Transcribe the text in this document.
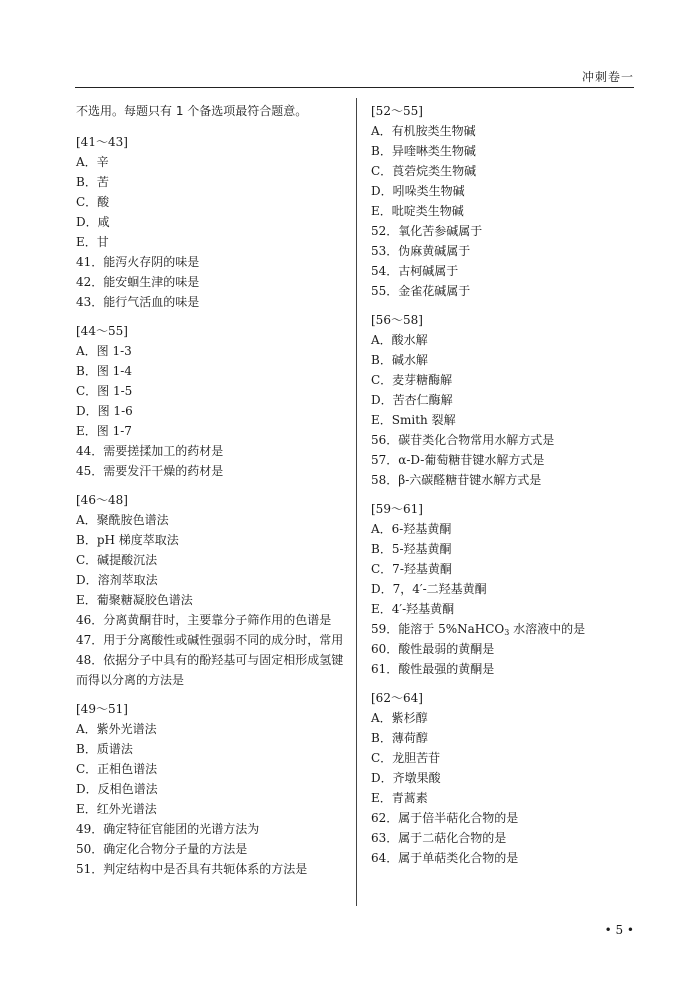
冲刺卷一
不选用。每题只有 1 个备选项最符合题意。
[41～43]
A．辛
B．苦
C．酸
D．咸
E．甘
41．能泻火存阴的味是
42．能安蛔生津的味是
43．能行气活血的味是
[44～55]
A．图 1-3
B．图 1-4
C．图 1-5
D．图 1-6
E．图 1-7
44．需要搓揉加工的药材是
45．需要发汗干燥的药材是
[46～48]
A．聚酰胺色谱法
B．pH 梯度萃取法
C．碱提酸沉法
D．溶剂萃取法
E．葡聚糖凝胶色谱法
46．分离黄酮苷时，主要靠分子筛作用的色谱是
47．用于分离酸性或碱性强弱不同的成分时，常用
48．依据分子中具有的酚羟基可与固定相形成氢键而得以分离的方法是
[49～51]
A．紫外光谱法
B．质谱法
C．正相色谱法
D．反相色谱法
E．红外光谱法
49．确定特征官能团的光谱方法为
50．确定化合物分子量的方法是
51．判定结构中是否具有共轭体系的方法是
[52～55]
A．有机胺类生物碱
B．异喹啉类生物碱
C．莨菪烷类生物碱
D．吲哚类生物碱
E．吡啶类生物碱
52．氧化苦参碱属于
53．伪麻黄碱属于
54．古柯碱属于
55．金雀花碱属于
[56～58]
A．酸水解
B．碱水解
C．麦芽糖酶解
D．苦杏仁酶解
E．Smith 裂解
56．碳苷类化合物常用水解方式是
57．α-D-葡萄糖苷键水解方式是
58．β-六碳醛糖苷键水解方式是
[59～61]
A．6-羟基黄酮
B．5-羟基黄酮
C．7-羟基黄酮
D．7，4′-二羟基黄酮
E．4′-羟基黄酮
59．能溶于 5%NaHCO$_3$ 水溶液中的是
60．酸性最弱的黄酮是
61．酸性最强的黄酮是
[62～64]
A．紫杉醇
B．薄荷醇
C．龙胆苦苷
D．齐墩果酸
E．青蒿素
62．属于倍半萜化合物的是
63．属于二萜化合物的是
64．属于单萜类化合物的是
• 5 •
